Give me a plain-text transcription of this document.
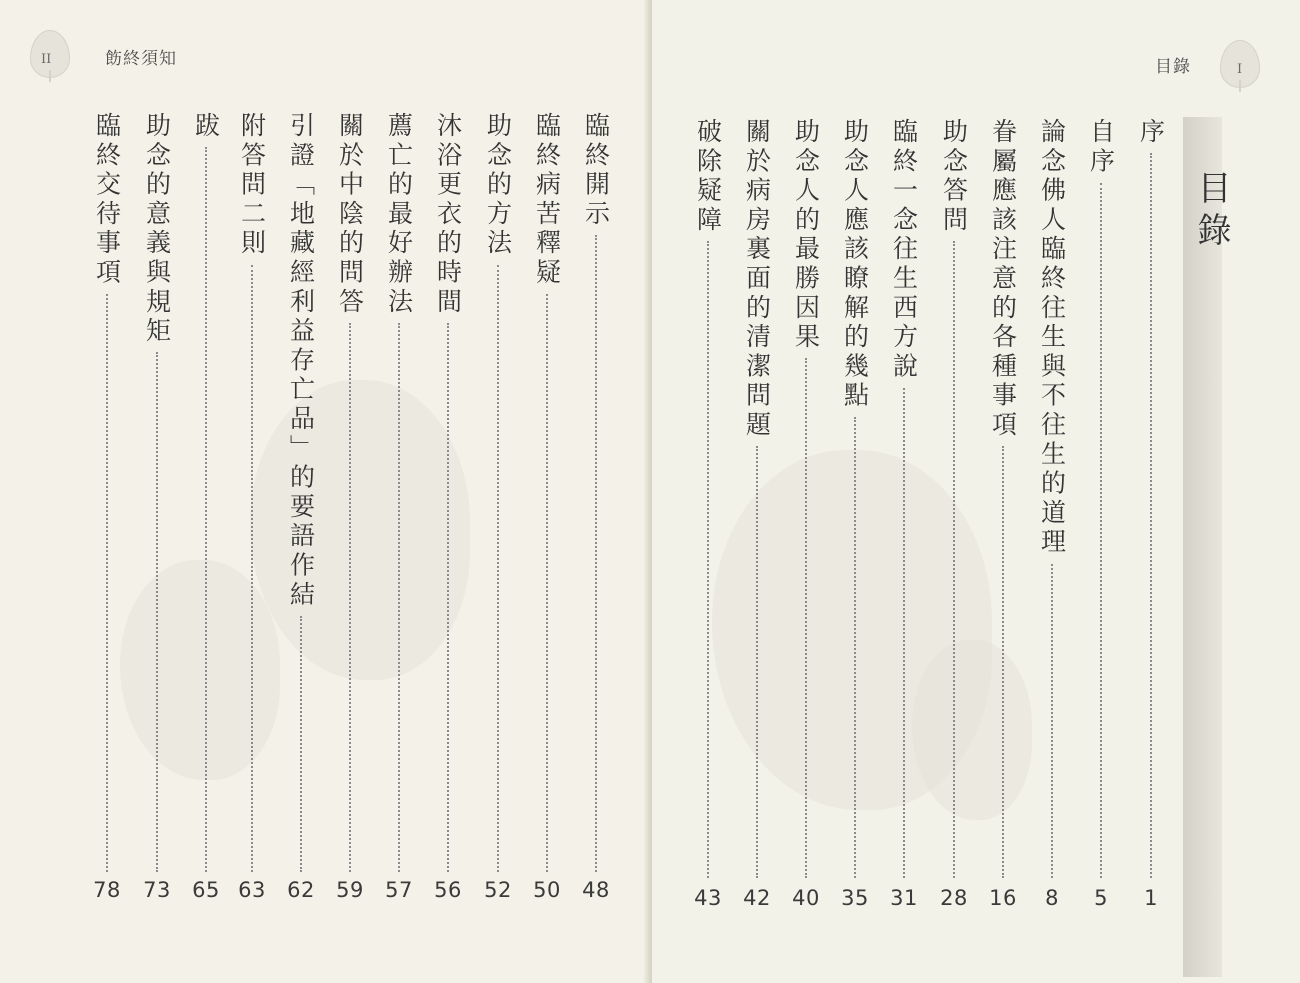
II	飭終須知
臨終開示
48
臨終病苦釋疑
50
助念的方法
52
沐浴更衣的時間
56
薦亡的最好辦法
57
關於中陰的問答
59
引證「地藏經利益存亡品」的要語作結
62
附答問二則
63
跋
65
助念的意義與規矩
73
臨終交待事項
78
目錄	I
目錄
序
1
自序
5
論念佛人臨終往生與不往生的道理
8
眷屬應該注意的各種事項
16
助念答問
28
臨終一念往生西方說
31
助念人應該瞭解的幾點
35
助念人的最勝因果
40
關於病房裏面的清潔問題
42
破除疑障
43
